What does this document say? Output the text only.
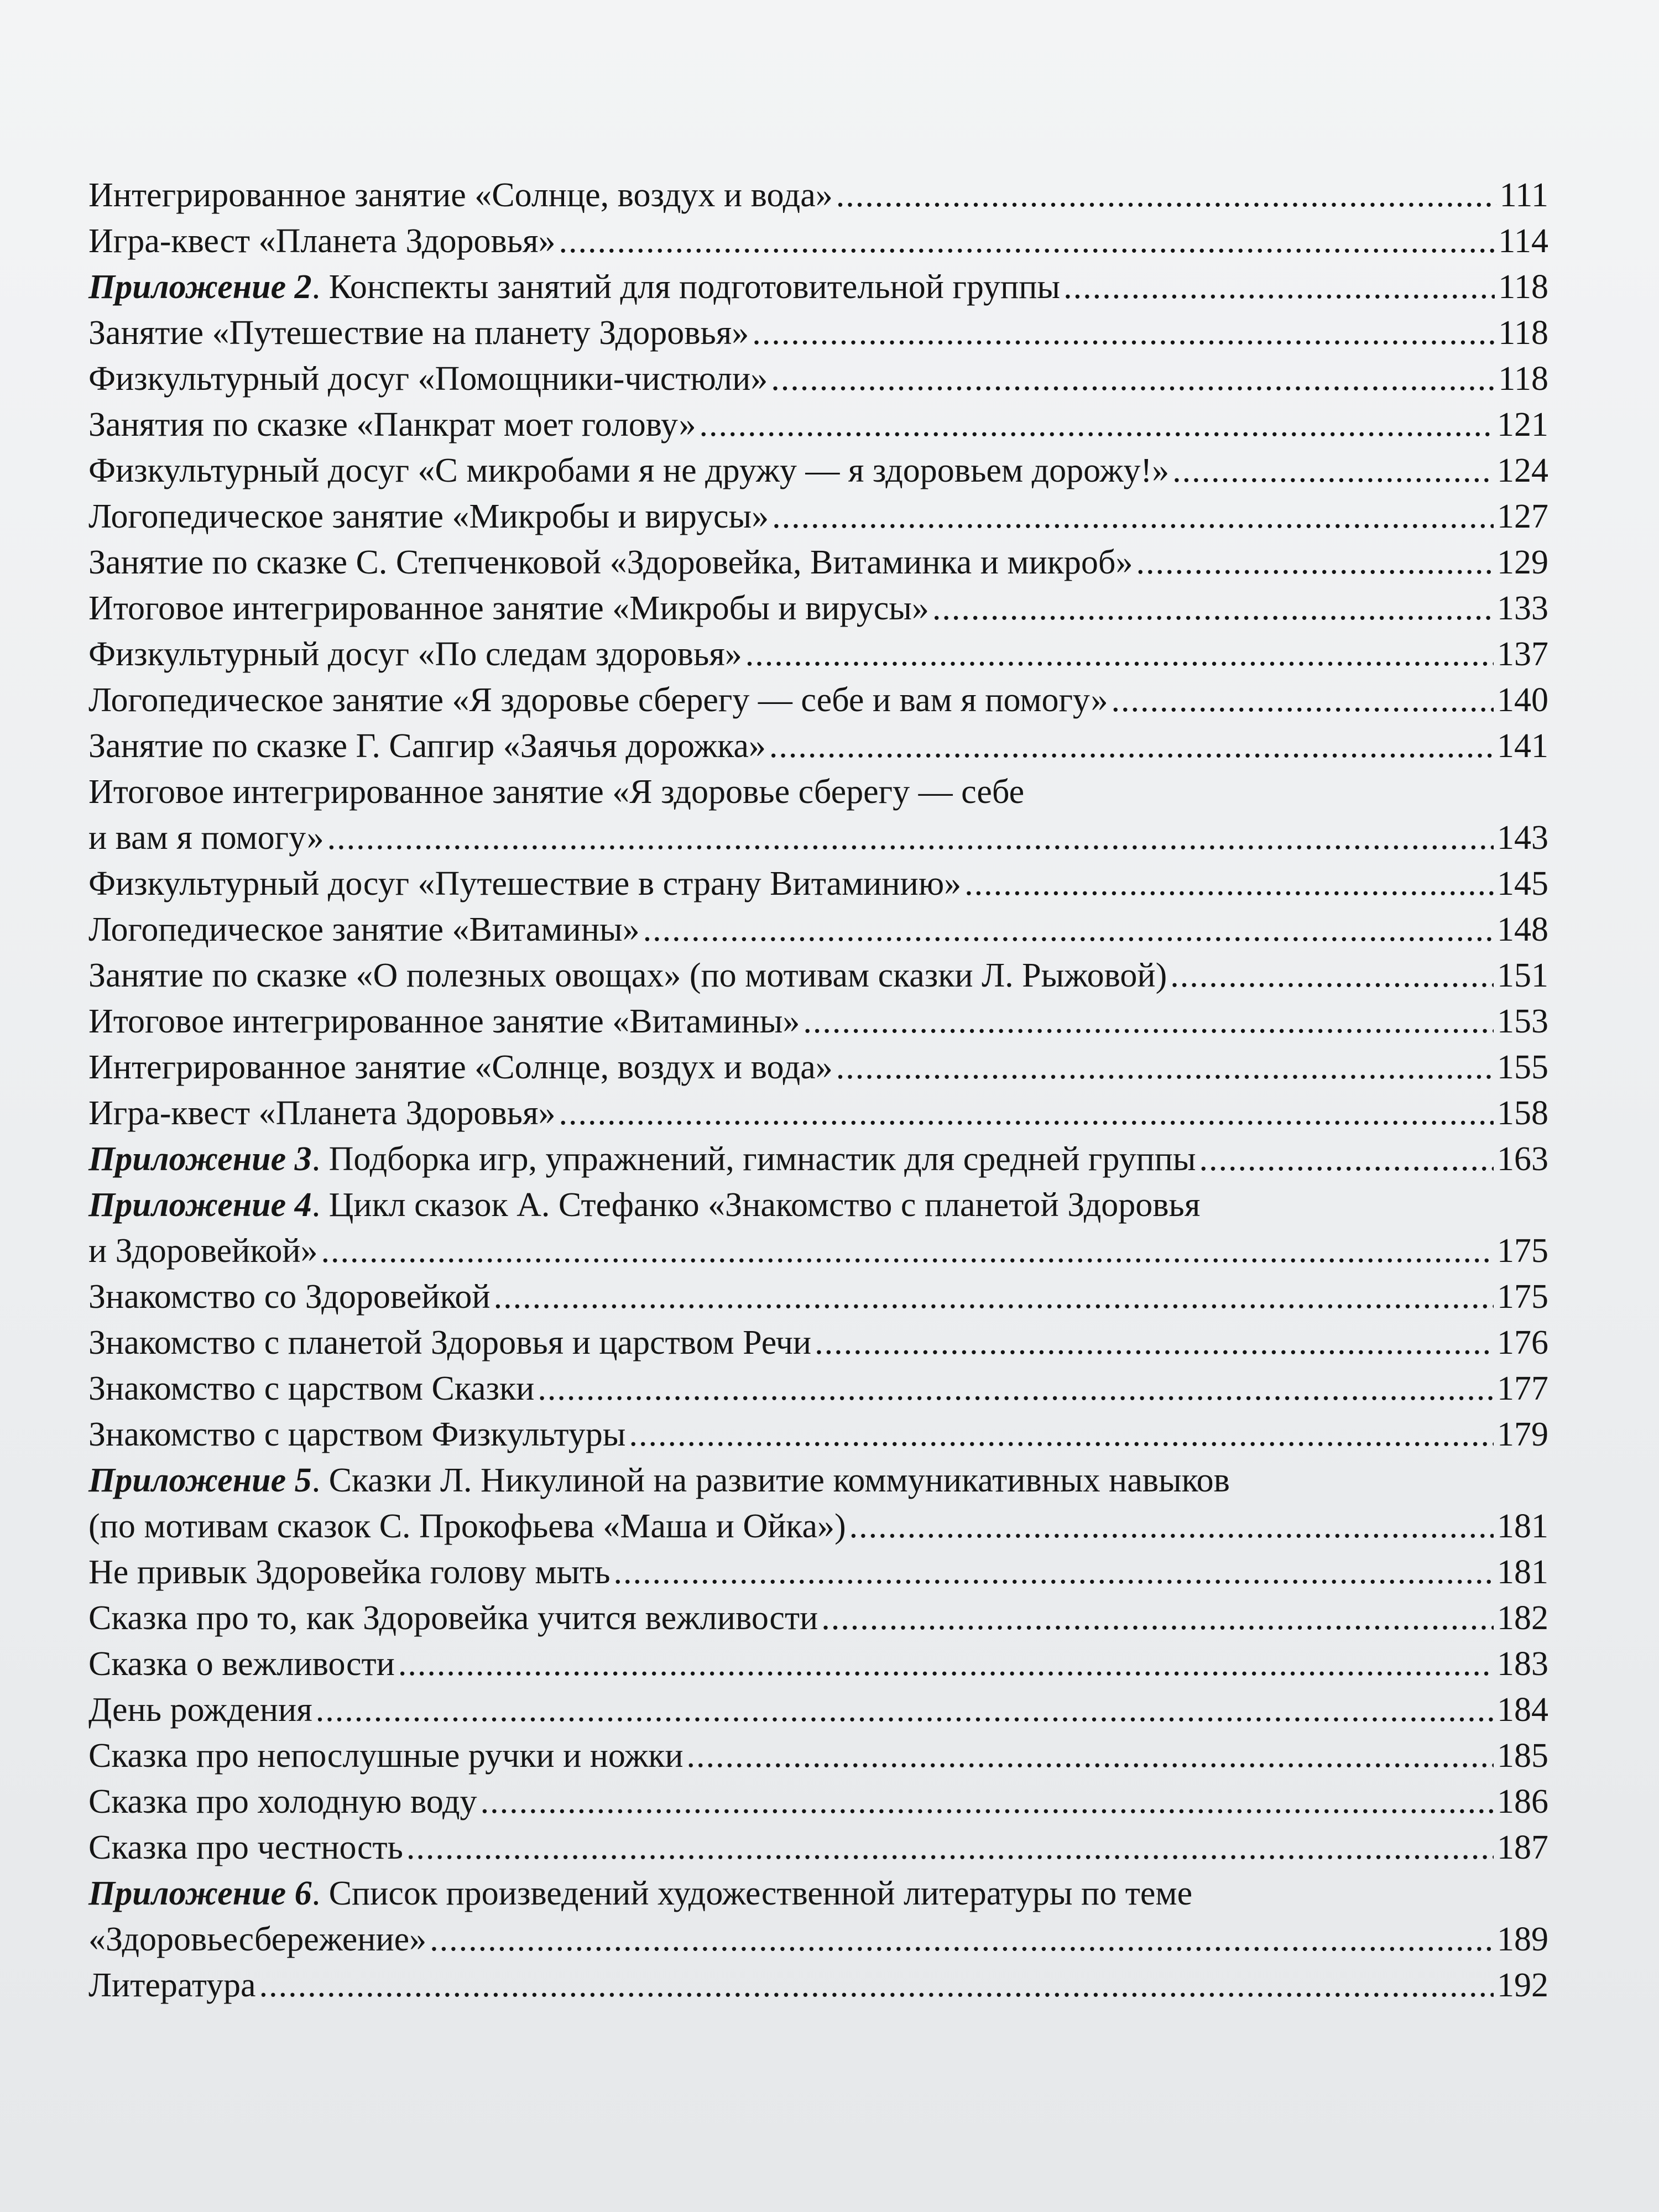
Интегрированное занятие «Солнце, воздух и вода» .....	111
Игра-квест «Планета Здоровья» .....	114
Приложение 2. Конспекты занятий для подготовительной группы .....	118
Занятие «Путешествие на планету Здоровья» .....	118
Физкультурный досуг «Помощники-чистюли» .....	118
Занятия по сказке «Панкрат моет голову» .....	121
Физкультурный досуг «С микробами я не дружу — я здоровьем дорожу!» .....	124
Логопедическое занятие «Микробы и вирусы» .....	127
Занятие по сказке С. Степченковой «Здоровейка, Витаминка и микроб» .....	129
Итоговое интегрированное занятие «Микробы и вирусы» .....	133
Физкультурный досуг «По следам здоровья» .....	137
Логопедическое занятие «Я здоровье сберегу — себе и вам я помогу» .....	140
Занятие по сказке Г. Сапгир «Заячья дорожка» .....	141
Итоговое интегрированное занятие «Я здоровье сберегу — себе
и вам я помогу» .....	143
Физкультурный досуг «Путешествие в страну Витаминию» .....	145
Логопедическое занятие «Витамины» .....	148
Занятие по сказке «О полезных овощах» (по мотивам сказки Л. Рыжовой) .....	151
Итоговое интегрированное занятие «Витамины» .....	153
Интегрированное занятие «Солнце, воздух и вода» .....	155
Игра-квест «Планета Здоровья» .....	158
Приложение 3. Подборка игр, упражнений, гимнастик для средней группы .....	163
Приложение 4. Цикл сказок А. Стефанко «Знакомство с планетой Здоровья
и Здоровейкой» .....	175
Знакомство со Здоровейкой .....	175
Знакомство с планетой Здоровья и царством Речи .....	176
Знакомство с царством Сказки .....	177
Знакомство с царством Физкультуры .....	179
Приложение 5. Сказки Л. Никулиной на развитие коммуникативных навыков
(по мотивам сказок С. Прокофьева «Маша и Ойка») .....	181
Не привык Здоровейка голову мыть .....	181
Сказка про то, как Здоровейка учится вежливости .....	182
Сказка о вежливости .....	183
День рождения .....	184
Сказка про непослушные ручки и ножки .....	185
Сказка про холодную воду .....	186
Сказка про честность .....	187
Приложение 6. Список произведений художественной литературы по теме
«Здоровьесбережение» .....	189
Литература .....	192
